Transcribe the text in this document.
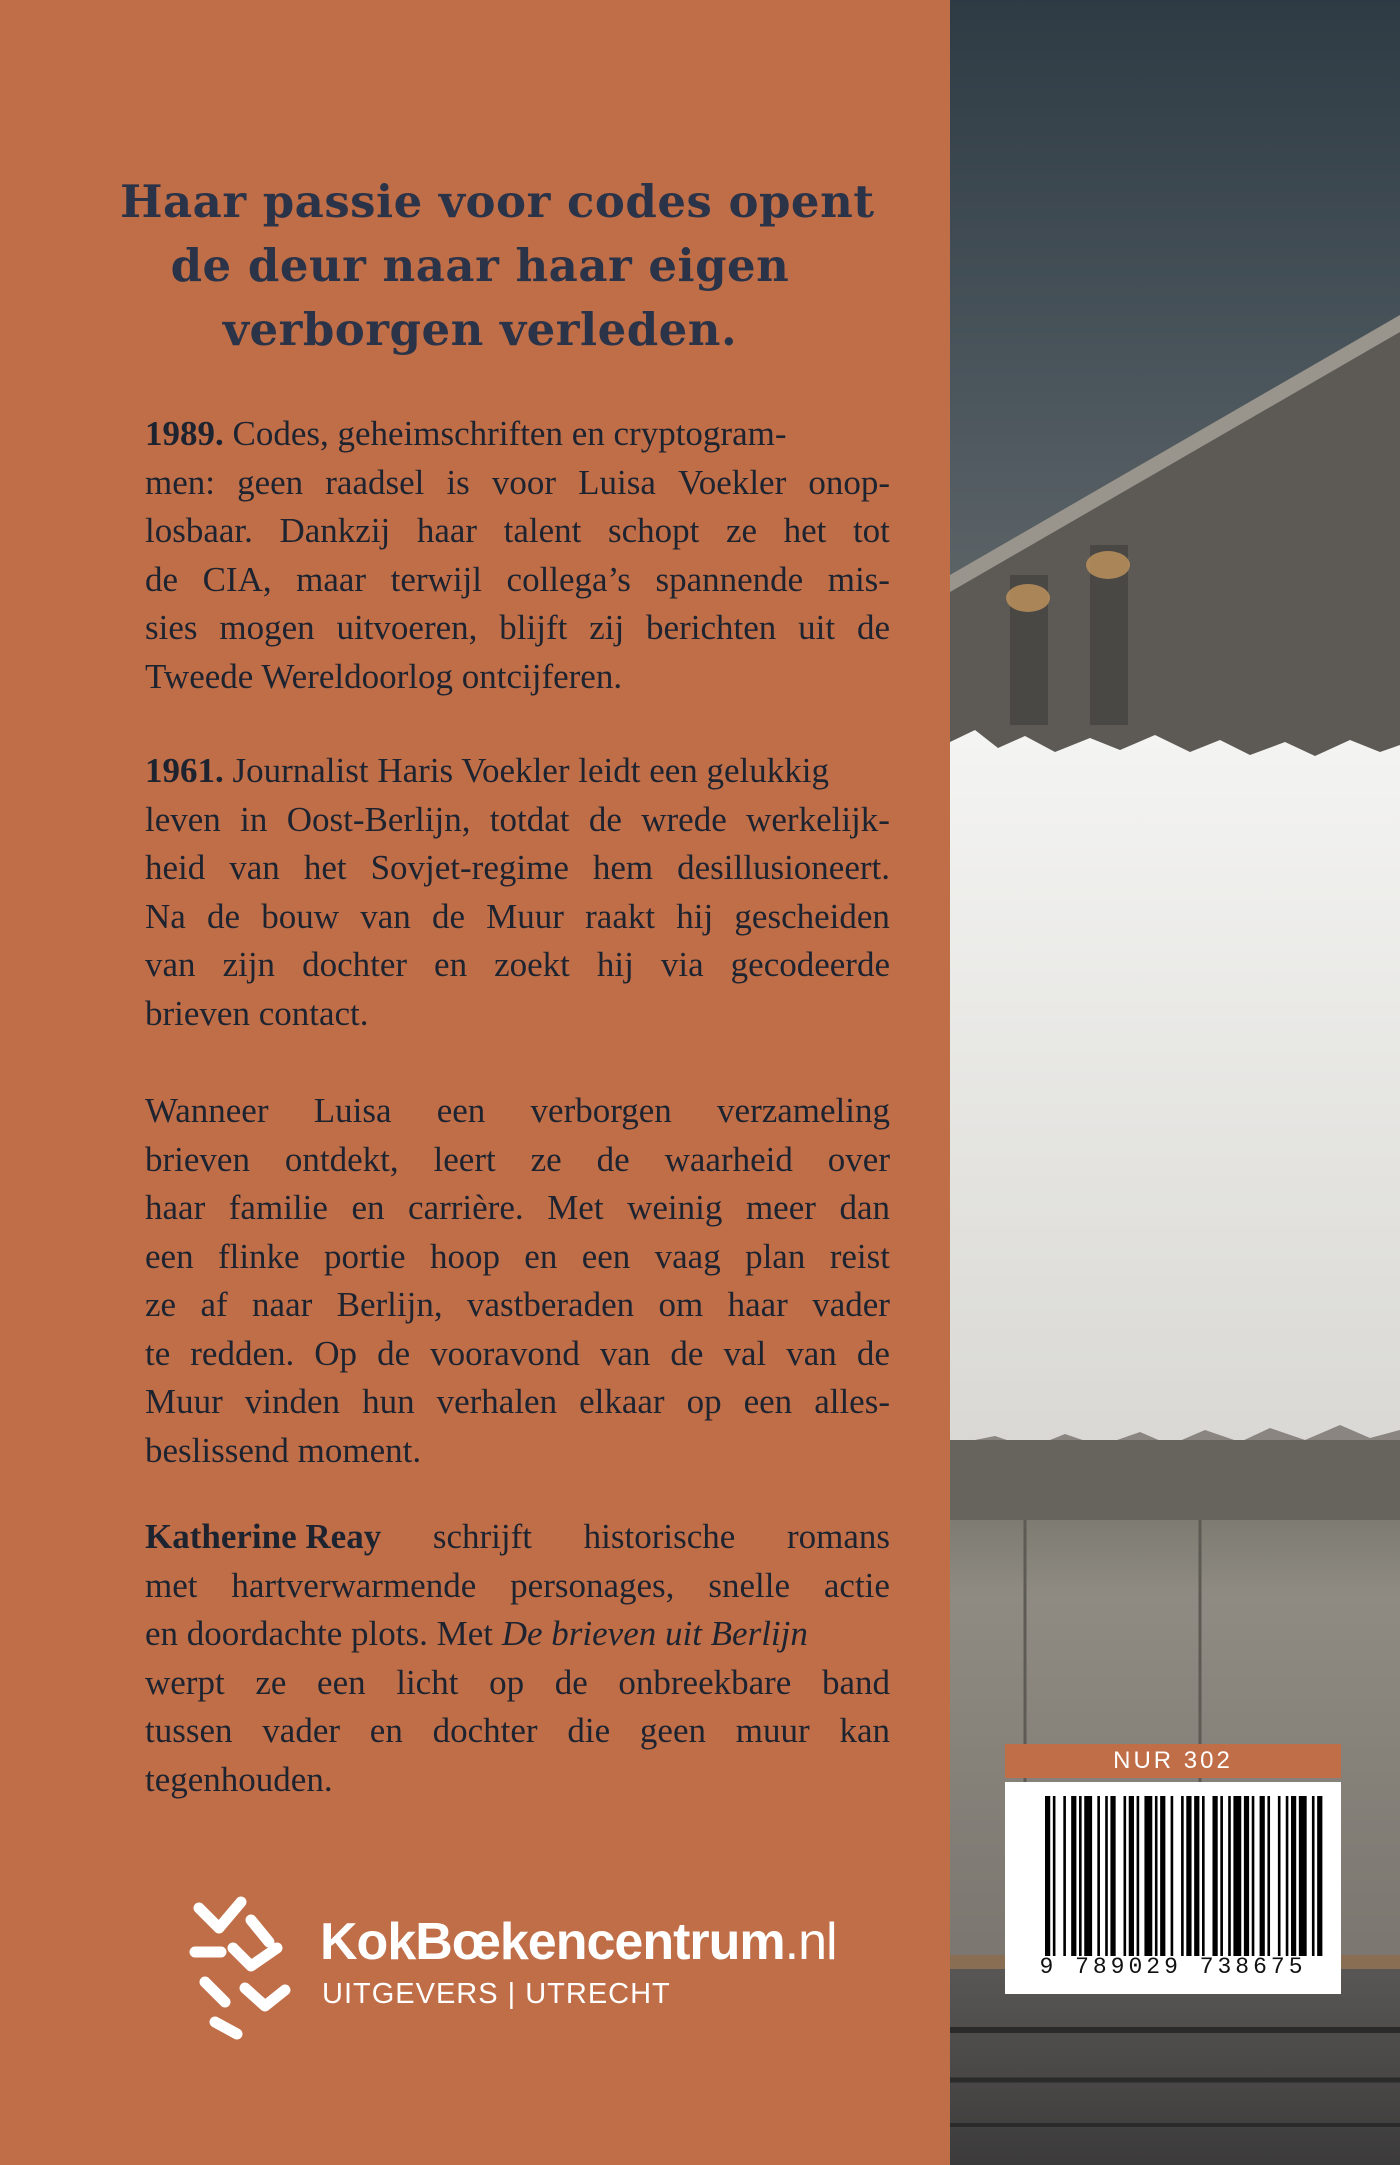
Haar passie voor codes opent
de deur naar haar eigen
verborgen verleden.
1989. Codes, geheimschriften en cryptogram-
men: geen raadsel is voor Luisa Voekler onop-
losbaar. Dankzij haar talent schopt ze het tot
de CIA, maar terwijl collega’s spannende mis-
sies mogen uitvoeren, blijft zij berichten uit de
Tweede Wereldoorlog ontcijferen.
1961. Journalist Haris Voekler leidt een gelukkig
leven in Oost-Berlijn, totdat de wrede werkelijk-
heid van het Sovjet-regime hem desillusioneert.
Na de bouw van de Muur raakt hij gescheiden
van zijn dochter en zoekt hij via gecodeerde
brieven contact.
Wanneer Luisa een verborgen verzameling
brieven ontdekt, leert ze de waarheid over
haar familie en carrière. Met weinig meer dan
een flinke portie hoop en een vaag plan reist
ze af naar Berlijn, vastberaden om haar vader
te redden. Op de vooravond van de val van de
Muur vinden hun verhalen elkaar op een alles-
beslissend moment.
Katherine Reay schrijft historische romans
met hartverwarmende personages, snelle actie
en doordachte plots. Met De brieven uit Berlijn
werpt ze een licht op de onbreekbare band
tussen vader en dochter die geen muur kan
tegenhouden.
KokBœkencentrum.nl
UITGEVERS | UTRECHT
NUR 302
9 789029 738675
